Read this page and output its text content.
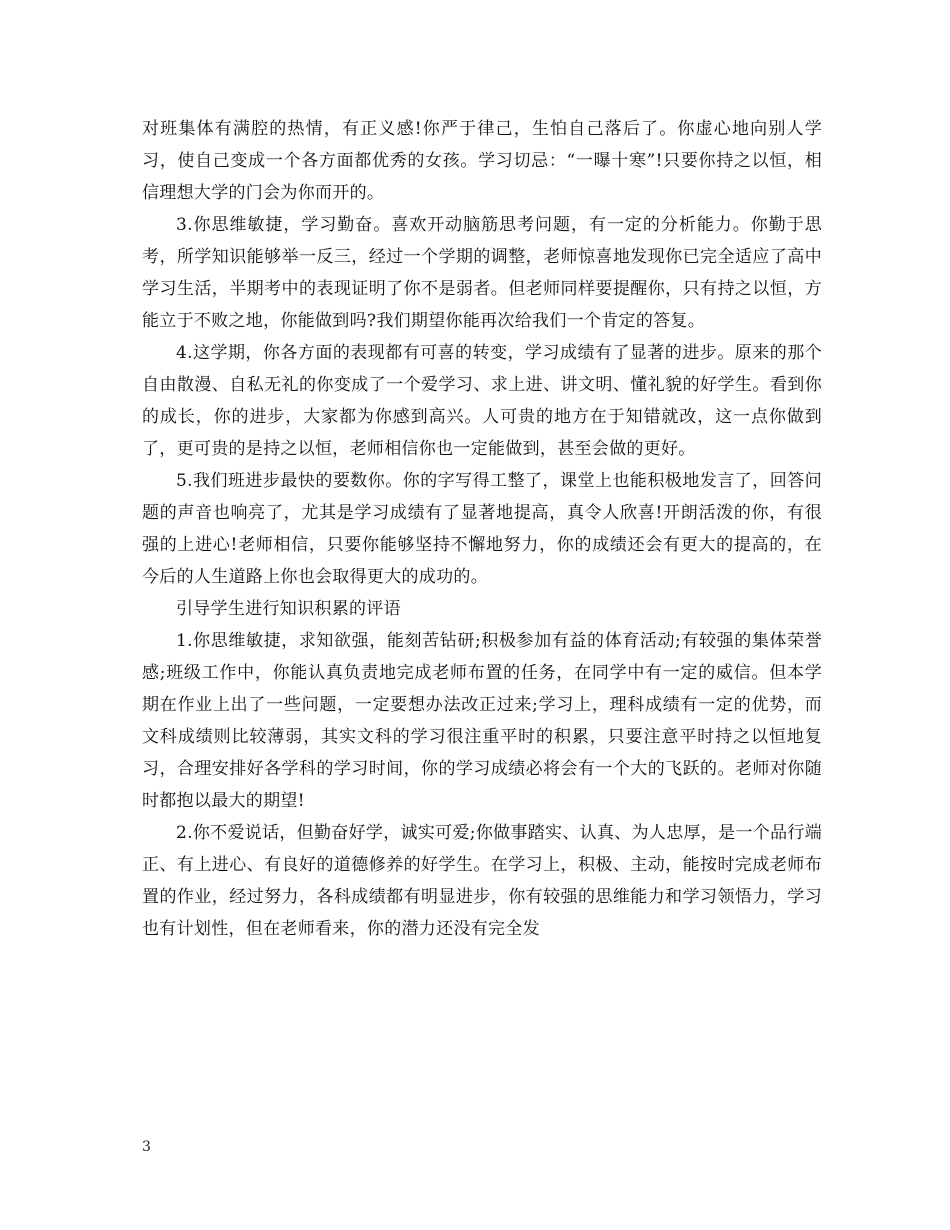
对班集体有满腔的热情，有正义感!你严于律己，生怕自己落后了。你虚心地向别人学习，使自己变成一个各方面都优秀的女孩。学习切忌：“一曝十寒”!只要你持之以恒，相信理想大学的门会为你而开的。

3.你思维敏捷，学习勤奋。喜欢开动脑筋思考问题，有一定的分析能力。你勤于思考，所学知识能够举一反三，经过一个学期的调整，老师惊喜地发现你已完全适应了高中学习生活，半期考中的表现证明了你不是弱者。但老师同样要提醒你，只有持之以恒，方能立于不败之地，你能做到吗?我们期望你能再次给我们一个肯定的答复。

4.这学期，你各方面的表现都有可喜的转变，学习成绩有了显著的进步。原来的那个自由散漫、自私无礼的你变成了一个爱学习、求上进、讲文明、懂礼貌的好学生。看到你的成长，你的进步，大家都为你感到高兴。人可贵的地方在于知错就改，这一点你做到了，更可贵的是持之以恒，老师相信你也一定能做到，甚至会做的更好。

5.我们班进步最快的要数你。你的字写得工整了，课堂上也能积极地发言了，回答问题的声音也响亮了，尤其是学习成绩有了显著地提高，真令人欣喜!开朗活泼的你，有很强的上进心!老师相信，只要你能够坚持不懈地努力，你的成绩还会有更大的提高的，在今后的人生道路上你也会取得更大的成功的。

引导学生进行知识积累的评语

1.你思维敏捷，求知欲强，能刻苦钻研;积极参加有益的体育活动;有较强的集体荣誉感;班级工作中，你能认真负责地完成老师布置的任务，在同学中有一定的威信。但本学期在作业上出了一些问题，一定要想办法改正过来;学习上，理科成绩有一定的优势，而文科成绩则比较薄弱，其实文科的学习很注重平时的积累，只要注意平时持之以恒地复习，合理安排好各学科的学习时间，你的学习成绩必将会有一个大的飞跃的。老师对你随时都抱以最大的期望!

2.你不爱说话，但勤奋好学，诚实可爱;你做事踏实、认真、为人忠厚，是一个品行端正、有上进心、有良好的道德修养的好学生。在学习上，积极、主动，能按时完成老师布置的作业，经过努力，各科成绩都有明显进步，你有较强的思维能力和学习领悟力，学习也有计划性，但在老师看来，你的潜力还没有完全发

3
